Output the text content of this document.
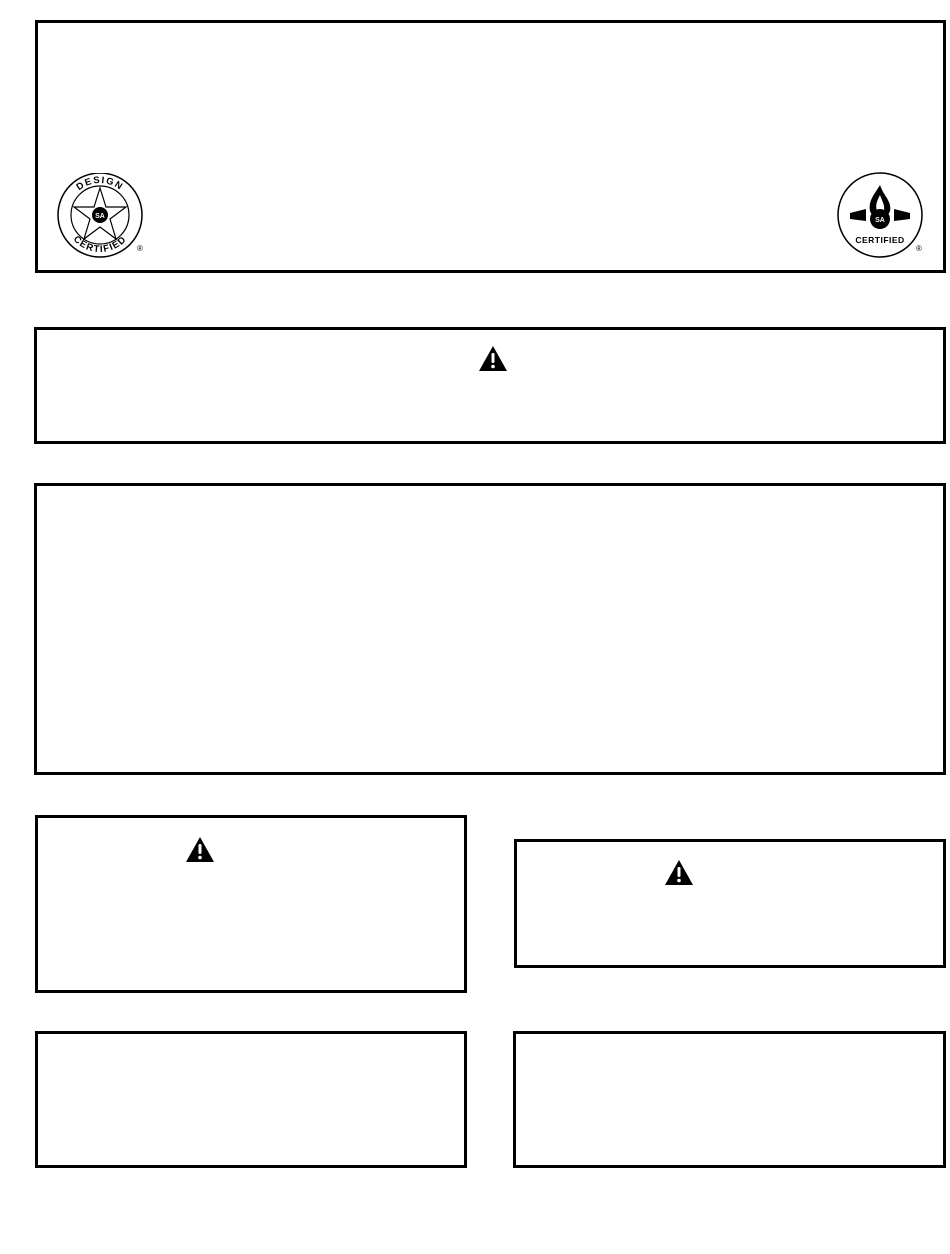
DESIGN
CERTIFIED
SA
®
SA
CERTIFIED
®
